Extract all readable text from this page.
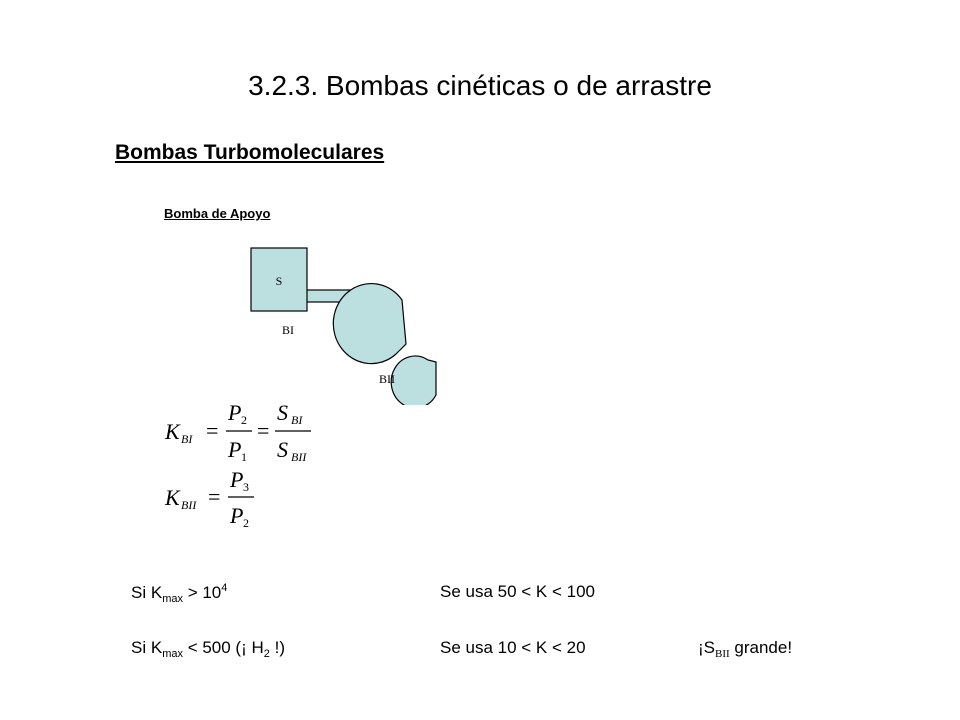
3.2.3. Bombas cinéticas o de arrastre
Bombas Turbomoleculares
Bomba de Apoyo
S
BI
BII
K BI =
P 2
P 1
=
S BI
S BII
K BII =
P 3
P 2
Si $K_{max} > 10^4$	Se usa 50 < K < 100
Si $K_{max} < 500$ (¡ $H_2$ !)	Se usa 10 < K < 20	¡$S_{BII}$ grande!
